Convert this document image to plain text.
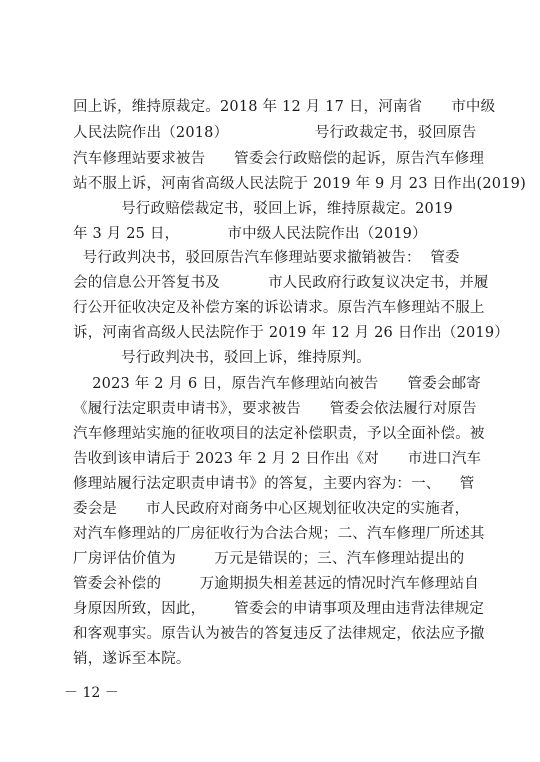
回上诉，维持原裁定。2018 年 12 月 17 日，河南省      市中级
人民法院作出（2018）                  号行政裁定书，驳回原告
汽车修理站要求被告      管委会行政赔偿的起诉，原告汽车修理
站不服上诉，河南省高级人民法院于 2019 年 9 月 23 日作出(2019)
号行政赔偿裁定书，驳回上诉，维持原裁定。2019
年 3 月 25 日，          市中级人民法院作出（2019）
号行政判决书，驳回原告汽车修理站要求撤销被告：  管委
会的信息公开答复书及          市人民政府行政复议决定书，并履
行公开征收决定及补偿方案的诉讼请求。原告汽车修理站不服上
诉，河南省高级人民法院作于 2019 年 12 月 26 日作出（2019）
号行政判决书，驳回上诉，维持原判。
2023 年 2 月 6 日，原告汽车修理站向被告      管委会邮寄
《履行法定职责申请书》，要求被告      管委会依法履行对原告
汽车修理站实施的征收项目的法定补偿职责，予以全面补偿。被
告收到该申请后于 2023 年 2 月 2 日作出《对      市进口汽车
修理站履行法定职责申请书》的答复，主要内容为：一、    管
委会是      市人民政府对商务中心区规划征收决定的实施者，
对汽车修理站的厂房征收行为合法合规；二、汽车修理厂所述其
厂房评估价值为        万元是错误的；三、汽车修理站提出的
管委会补偿的        万逾期损失相差甚远的情况时汽车修理站自
身原因所致，因此，      管委会的申请事项及理由违背法律规定
和客观事实。原告认为被告的答复违反了法律规定，依法应予撤
销，遂诉至本院。
－ 12 －
